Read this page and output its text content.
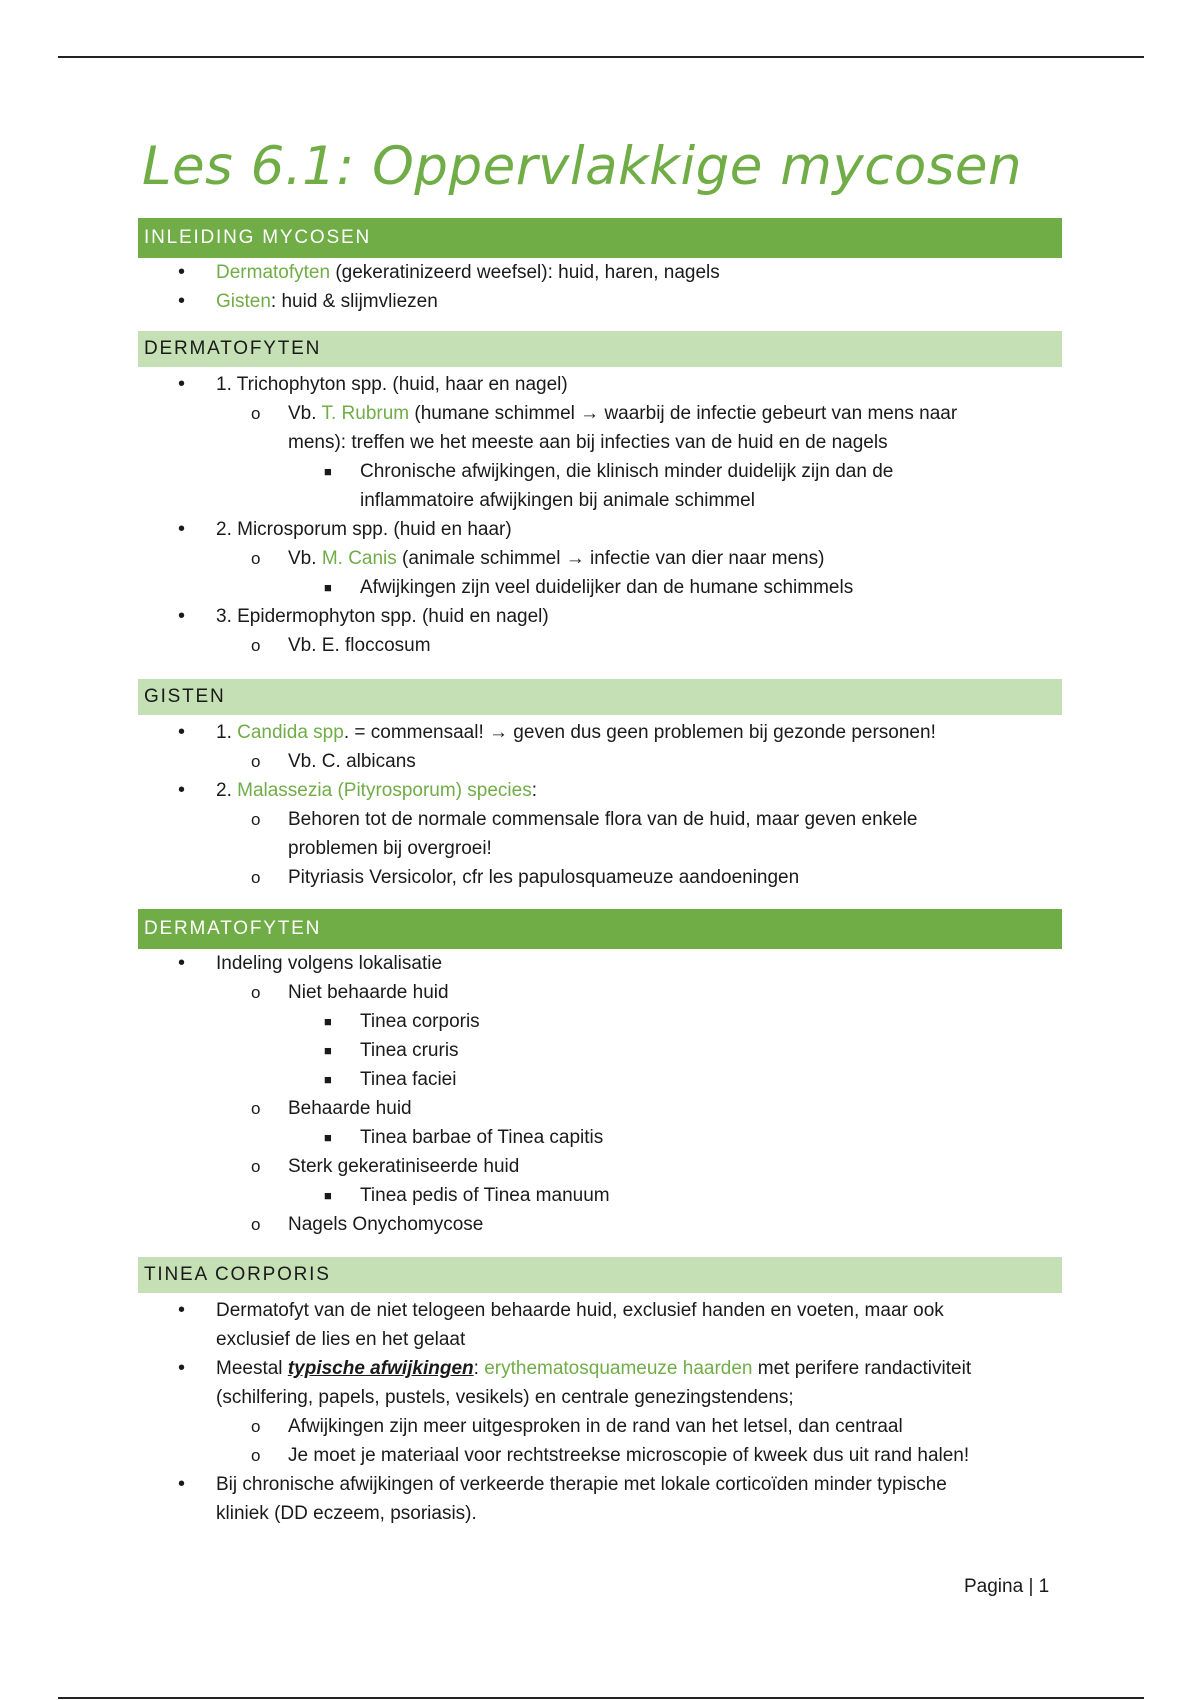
Les 6.1: Oppervlakkige mycosen
INLEIDING MYCOSEN
• Dermatofyten (gekeratinizeerd weefsel): huid, haren, nagels
• Gisten: huid & slijmvliezen
DERMATOFYTEN
• 1. Trichophyton spp. (huid, haar en nagel)
o Vb. T. Rubrum (humane schimmel → waarbij de infectie gebeurt van mens naar
mens): treffen we het meeste aan bij infecties van de huid en de nagels
■ Chronische afwijkingen, die klinisch minder duidelijk zijn dan de
inflammatoire afwijkingen bij animale schimmel
• 2. Microsporum spp. (huid en haar)
o Vb. M. Canis (animale schimmel → infectie van dier naar mens)
■ Afwijkingen zijn veel duidelijker dan de humane schimmels
• 3. Epidermophyton spp. (huid en nagel)
o Vb. E. floccosum
GISTEN
• 1. Candida spp. = commensaal! → geven dus geen problemen bij gezonde personen!
o Vb. C. albicans
• 2. Malassezia (Pityrosporum) species:
o Behoren tot de normale commensale flora van de huid, maar geven enkele
problemen bij overgroei!
o Pityriasis Versicolor, cfr les papulosquameuze aandoeningen
DERMATOFYTEN
• Indeling volgens lokalisatie
o Niet behaarde huid
■ Tinea corporis
■ Tinea cruris
■ Tinea faciei
o Behaarde huid
■ Tinea barbae of Tinea capitis
o Sterk gekeratiniseerde huid
■ Tinea pedis of Tinea manuum
o Nagels Onychomycose
TINEA CORPORIS
• Dermatofyt van de niet telogeen behaarde huid, exclusief handen en voeten, maar ook
exclusief de lies en het gelaat
• Meestal typische afwijkingen: erythematosquameuze haarden met perifere randactiviteit
(schilfering, papels, pustels, vesikels) en centrale genezingstendens;
o Afwijkingen zijn meer uitgesproken in de rand van het letsel, dan centraal
o Je moet je materiaal voor rechtstreekse microscopie of kweek dus uit rand halen!
• Bij chronische afwijkingen of verkeerde therapie met lokale corticoïden minder typische
kliniek (DD eczeem, psoriasis).
Pagina | 1
